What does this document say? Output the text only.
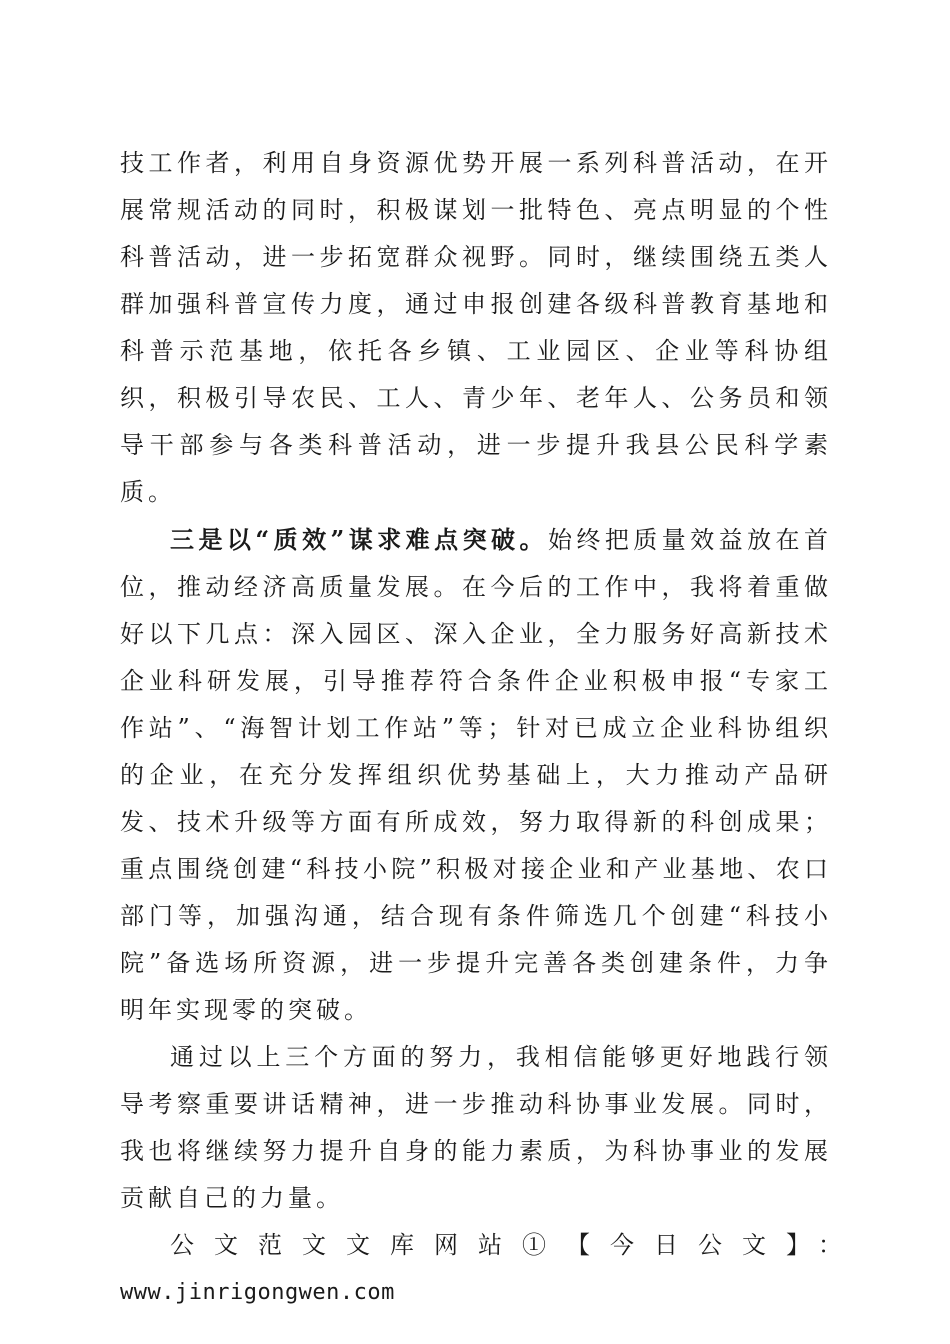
技工作者，利用自身资源优势开展一系列科普活动，在开展常规活动的同时，积极谋划一批特色、亮点明显的个性科普活动，进一步拓宽群众视野。同时，继续围绕五类人群加强科普宣传力度，通过申报创建各级科普教育基地和科普示范基地，依托各乡镇、工业园区、企业等科协组织，积极引导农民、工人、青少年、老年人、公务员和领导干部参与各类科普活动，进一步提升我县公民科学素质。

三是以“质效”谋求难点突破。始终把质量效益放在首位，推动经济高质量发展。在今后的工作中，我将着重做好以下几点：深入园区、深入企业，全力服务好高新技术企业科研发展，引导推荐符合条件企业积极申报“专家工作站”、“海智计划工作站”等；针对已成立企业科协组织的企业，在充分发挥组织优势基础上，大力推动产品研发、技术升级等方面有所成效，努力取得新的科创成果；重点围绕创建“科技小院”积极对接企业和产业基地、农口部门等，加强沟通，结合现有条件筛选几个创建“科技小院”备选场所资源，进一步提升完善各类创建条件，力争明年实现零的突破。

通过以上三个方面的努力，我相信能够更好地践行领导考察重要讲话精神，进一步推动科协事业发展。同时，我也将继续努力提升自身的能力素质，为科协事业的发展贡献自己的力量。

公文范文文库网站①【今日公文】：

www.jinrigongwen.com
